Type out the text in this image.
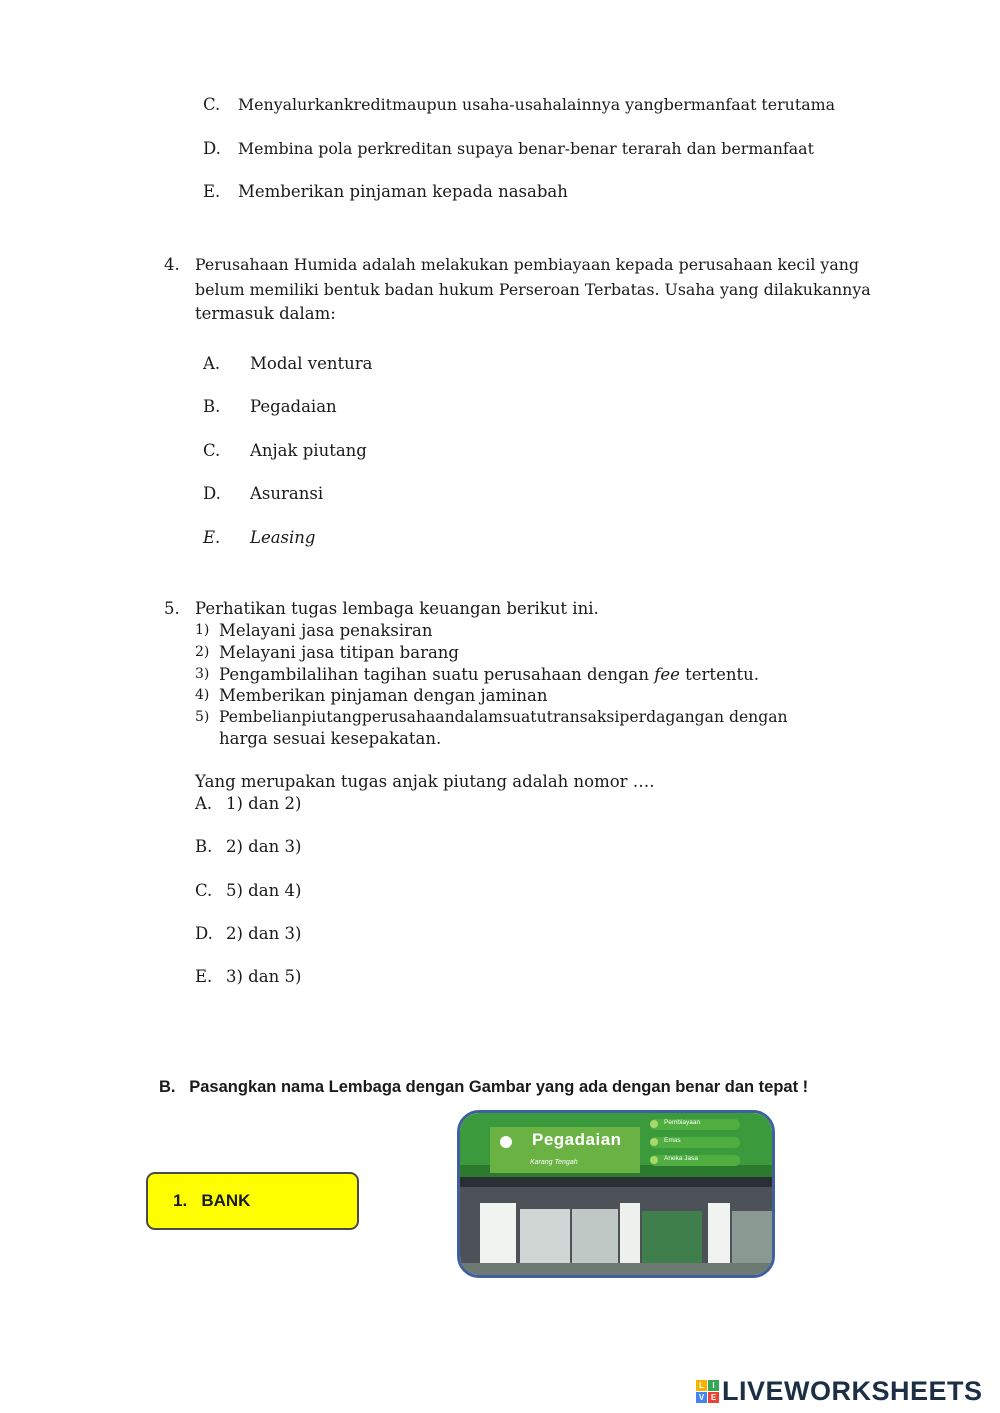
C. Menyalurkankreditmaupun usaha-usahalainnya yangbermanfaat terutama
D. Membina pola perkreditan supaya benar-benar terarah dan bermanfaat
E. Memberikan pinjaman kepada nasabah
4. Perusahaan Humida adalah melakukan pembiayaan kepada perusahaan kecil yang
belum memiliki bentuk badan hukum Perseroan Terbatas. Usaha yang dilakukannya
termasuk dalam:
A. Modal ventura
B. Pegadaian
C. Anjak piutang
D. Asuransi
E. Leasing
5. Perhatikan tugas lembaga keuangan berikut ini.
1) Melayani jasa penaksiran
2) Melayani jasa titipan barang
3) Pengambilalihan tagihan suatu perusahaan dengan fee tertentu.
4) Memberikan pinjaman dengan jaminan
5) Pembelianpiutangperusahaandalamsuatutransaksiperdagangan dengan
harga sesuai kesepakatan.
Yang merupakan tugas anjak piutang adalah nomor ….
A. 1) dan 2)
B. 2) dan 3)
C. 5) dan 4)
D. 2) dan 3)
E. 3) dan 5)
B.   Pasangkan nama Lembaga dengan Gambar yang ada dengan benar dan tepat !
1.   BANK
Pegadaian
Karang Tengah
Pembiayaan
Emas
Aneka Jasa
L	I
V E LIVEWORKSHEETS
